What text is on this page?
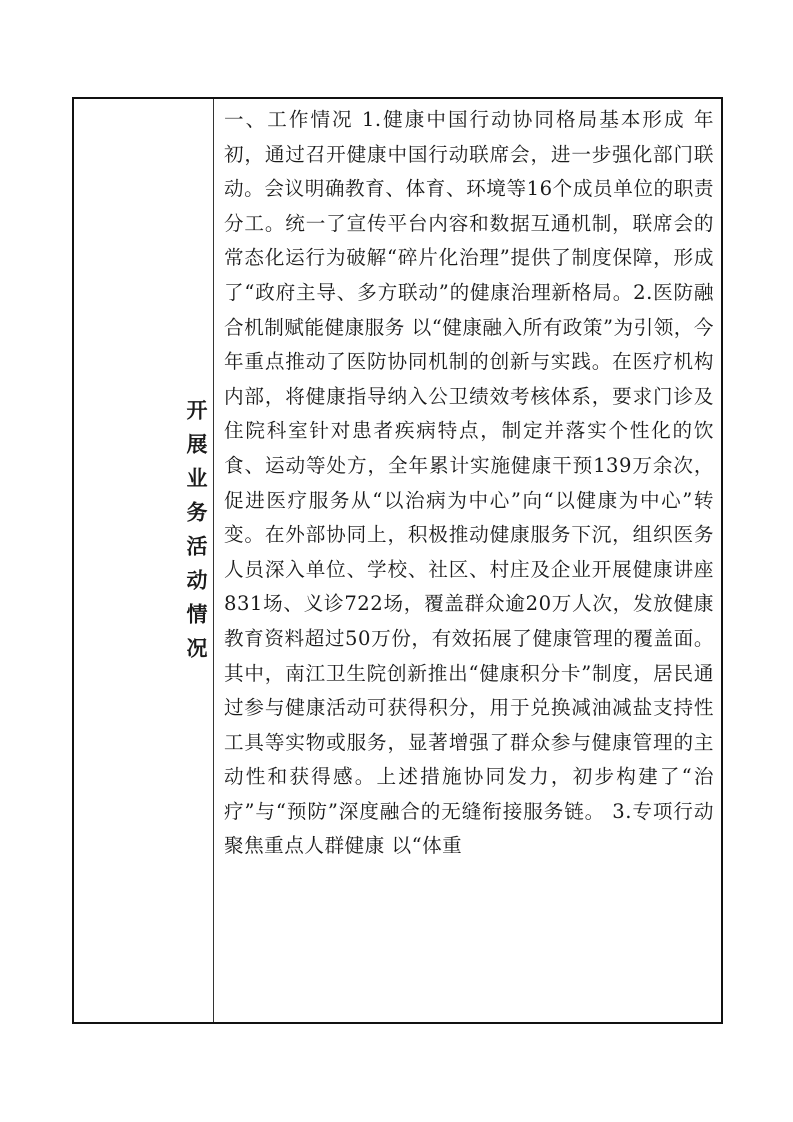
开展业务活动情况

一、工作情况 1.健康中国行动协同格局基本形成 年初，通过召开健康中国行动联席会，进一步强化部门联动。会议明确教育、体育、环境等16个成员单位的职责分工。统一了宣传平台内容和数据互通机制，联席会的常态化运行为破解“碎片化治理”提供了制度保障，形成了“政府主导、多方联动”的健康治理新格局。2.医防融合机制赋能健康服务 以“健康融入所有政策”为引领，今年重点推动了医防协同机制的创新与实践。在医疗机构内部，将健康指导纳入公卫绩效考核体系，要求门诊及住院科室针对患者疾病特点，制定并落实个性化的饮食、运动等处方，全年累计实施健康干预139万余次，促进医疗服务从“以治病为中心”向“以健康为中心”转变。在外部协同上，积极推动健康服务下沉，组织医务人员深入单位、学校、社区、村庄及企业开展健康讲座831场、义诊722场，覆盖群众逾20万人次，发放健康教育资料超过50万份，有效拓展了健康管理的覆盖面。其中，南江卫生院创新推出“健康积分卡”制度，居民通过参与健康活动可获得积分，用于兑换减油减盐支持性工具等实物或服务，显著增强了群众参与健康管理的主动性和获得感。上述措施协同发力，初步构建了“治疗”与“预防”深度融合的无缝衔接服务链。 3.专项行动聚焦重点人群健康 以“体重
